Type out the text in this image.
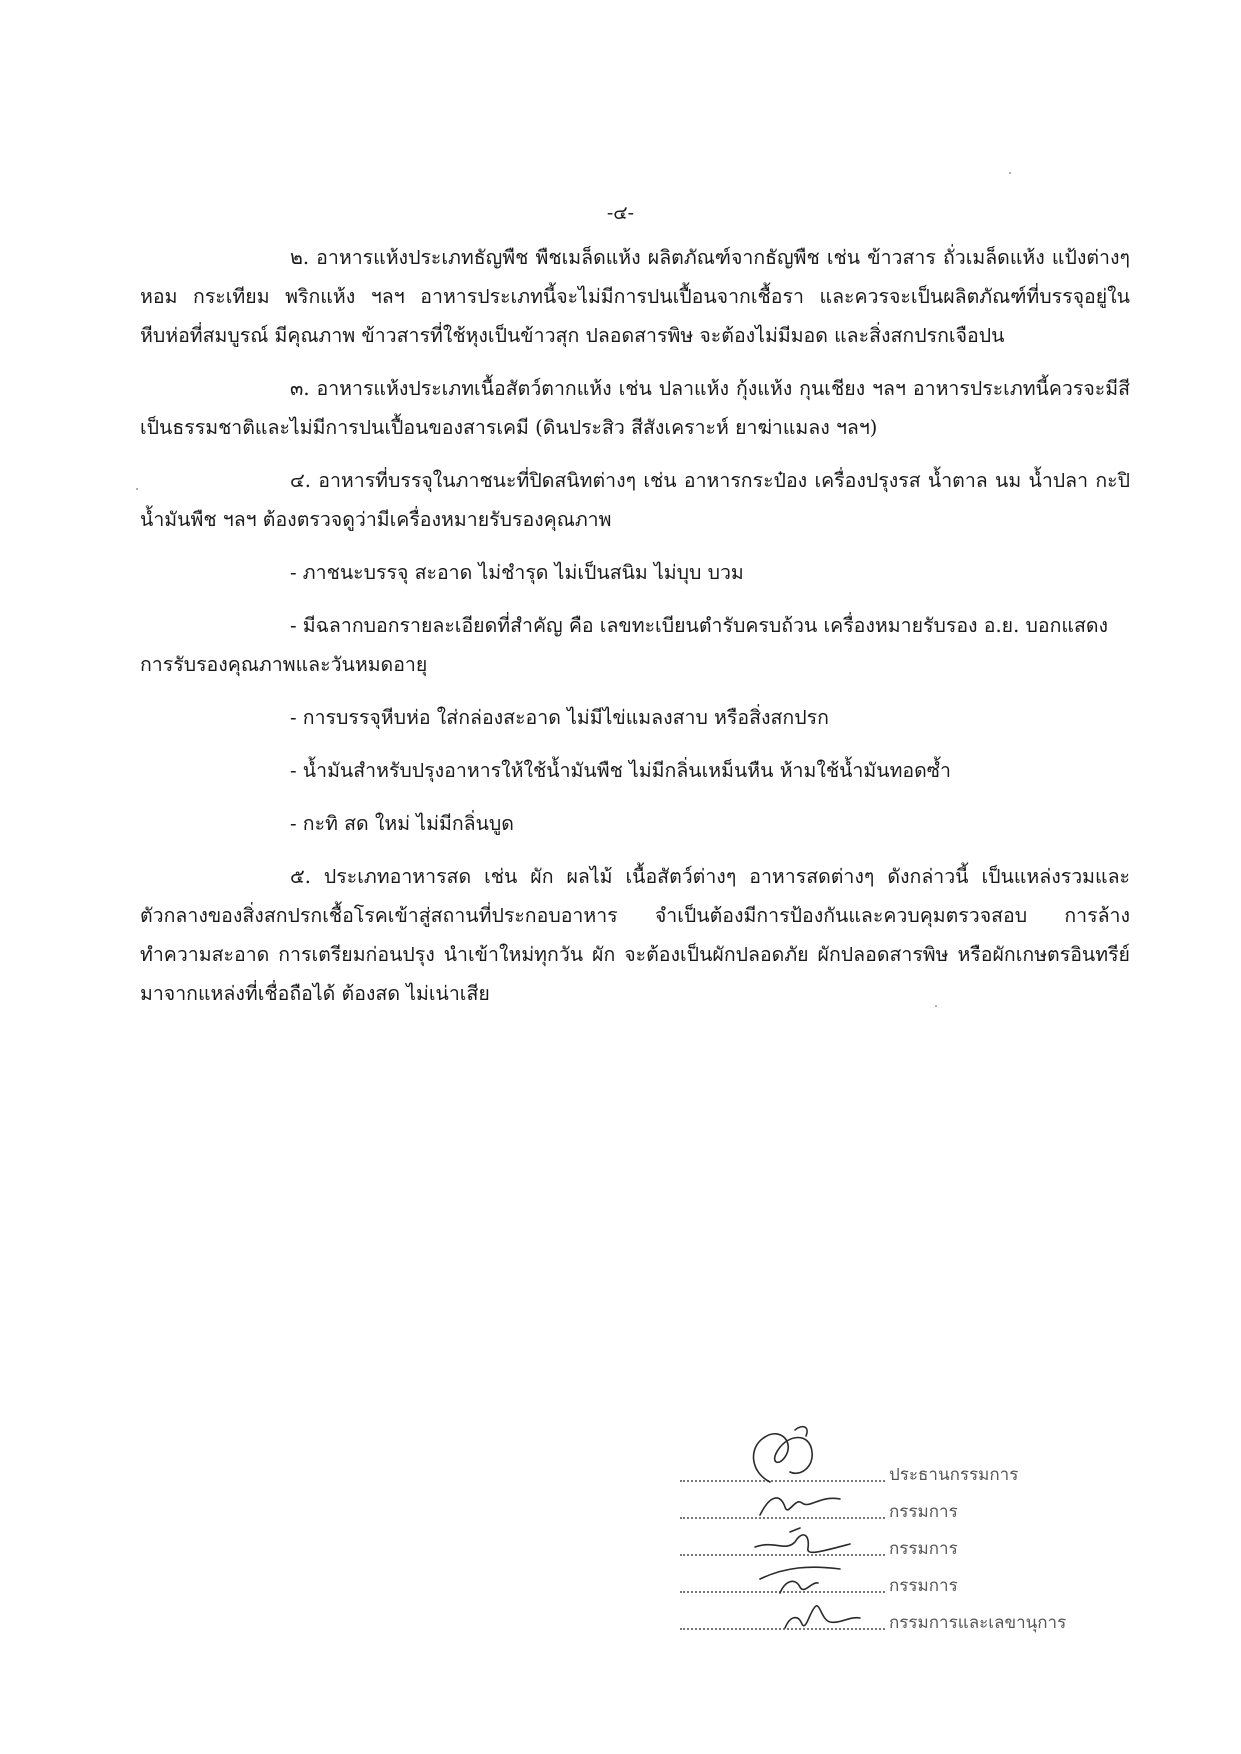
-๔-

๒. อาหารแห้งประเภทธัญพืช พืชเมล็ดแห้ง ผลิตภัณฑ์จากธัญพืช เช่น ข้าวสาร ถั่วเมล็ดแห้ง แป้งต่างๆ หอม กระเทียม พริกแห้ง ฯลฯ อาหารประเภทนี้จะไม่มีการปนเปื้อนจากเชื้อรา และควรจะเป็นผลิตภัณฑ์ที่บรรจุอยู่ในหีบห่อที่สมบูรณ์ มีคุณภาพ ข้าวสารที่ใช้หุงเป็นข้าวสุก ปลอดสารพิษ จะต้องไม่มีมอด และสิ่งสกปรกเจือปน

๓. อาหารแห้งประเภทเนื้อสัตว์ตากแห้ง เช่น ปลาแห้ง กุ้งแห้ง กุนเชียง ฯลฯ อาหารประเภทนี้ควรจะมีสีเป็นธรรมชาติและไม่มีการปนเปื้อนของสารเคมี (ดินประสิว สีสังเคราะห์ ยาฆ่าแมลง ฯลฯ)

๔. อาหารที่บรรจุในภาชนะที่ปิดสนิทต่างๆ เช่น อาหารกระป๋อง เครื่องปรุงรส น้ำตาล นม น้ำปลา กะปิ น้ำมันพืช ฯลฯ ต้องตรวจดูว่ามีเครื่องหมายรับรองคุณภาพ

- ภาชนะบรรจุ สะอาด ไม่ชำรุด ไม่เป็นสนิม ไม่บุบ บวม

- มีฉลากบอกรายละเอียดที่สำคัญ คือ เลขทะเบียนตำรับครบถ้วน เครื่องหมายรับรอง อ.ย. บอกแสดงการรับรองคุณภาพและวันหมดอายุ

- การบรรจุหีบห่อ ใส่กล่องสะอาด ไม่มีไข่แมลงสาบ หรือสิ่งสกปรก

- น้ำมันสำหรับปรุงอาหารให้ใช้น้ำมันพืช ไม่มีกลิ่นเหม็นหืน ห้ามใช้น้ำมันทอดซ้ำ

- กะทิ สด ใหม่ ไม่มีกลิ่นบูด

๕. ประเภทอาหารสด เช่น ผัก ผลไม้ เนื้อสัตว์ต่างๆ อาหารสดต่างๆ ดังกล่าวนี้ เป็นแหล่งรวมและตัวกลางของสิ่งสกปรกเชื้อโรคเข้าสู่สถานที่ประกอบอาหาร จำเป็นต้องมีการป้องกันและควบคุมตรวจสอบ การล้างทำความสะอาด การเตรียมก่อนปรุง นำเข้าใหม่ทุกวัน ผัก จะต้องเป็นผักปลอดภัย ผักปลอดสารพิษ หรือผักเกษตรอินทรีย์ มาจากแหล่งที่เชื่อถือได้ ต้องสด ไม่เน่าเสีย

ประธานกรรมการ
กรรมการ
กรรมการ
กรรมการ
กรรมการและเลขานุการ
